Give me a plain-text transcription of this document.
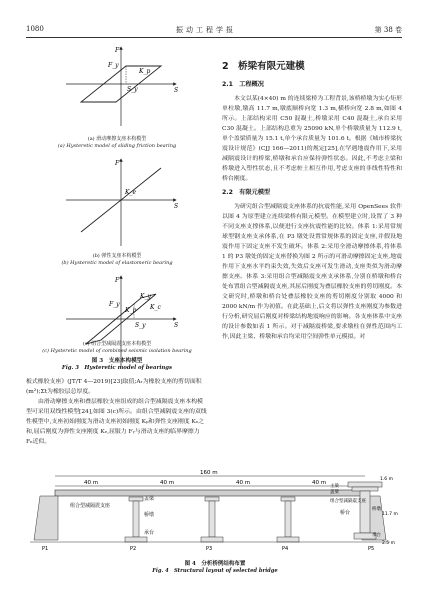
1080	振动工程学报	第 38 卷
F
F_y
K_p
S_y	S
F
K_e
S
F
F_y
K_y
K_c
K_p
S_y	S
(a) 滑动摩擦支座本构模型
(a) Hysteretic model of sliding friction bearing
(b) 弹性支座本构模型
(b) Hysteretic model of elastomeric bearing
(c) 组合型减隔震支座本构模型
(c) Hysteretic model of combined seismic isolation bearing
图 3　支座本构模型
Fig. 3　Hysteretic model of bearings

板式橡胶支座》(JT/T 4—2019)[23]取值;Aᵣ为橡胶支座的剪切面积(m²);Σt为橡胶层总厚度。

由滑动摩擦支座和叠层橡胶支座组成的组合型减隔震支座本构模型可采用双线性模型[24],如图 3(c)所示。由组合型减隔震支座的双线性模型中,支座初始刚度为滑动支座初始刚度 Kₚ和弹性支座刚度 Kₑ之和,屈后刚度为弹性支座刚度 Kₑ,屈服力 Fᵧ与滑动支座的临界摩擦力 Fₙ近似。

2　桥梁有限元建模
2.1　工程概况

本文以某(4×40) m 的连续梁桥为工程背景,该桥桥墩为实心矩形单柱墩,墩高 11.7 m,墩底顺桥向宽 1.3 m,横桥向宽 2.8 m,如图 4 所示。上部结构采用 C50 混凝土,桥墩采用 C40 混凝土,承台采用 C30 混凝土。上部结构总重为 25090 kN,单个桥墩质量为 112.9 t,单个盖梁质量为 15.1 t,单个承台质量为 101.6 t。根据《城市桥梁抗震设计规范》(CJJ 166—2011)的规定[25],在罕遇地震作用下,采用减隔震设计的桥梁,桥墩和承台应保持弹性状态。因此,不考虑主梁和桥墩进入塑性状态,且不考虑桩土相互作用,考虑支座的非线性特性和桥台刚度。

2.2　有限元模型

为研究组合型减隔震支座体系的抗震性能,采用 OpenSees 软件以图 4 为原型建立连续梁桥有限元模型。在模型建立时,设置了 3 种不同支座支撑体系,以便进行支座抗震性能的比较。体系 1:采用常规球型钢支座支承体系,在 P3 墩处设置常规体系的固定支座,并假设地震作用下固定支座不发生破坏。体系 2:采用全滑动摩擦体系,将体系 1 的 P3 墩处的固定支座替换为图 2 所示的可滑动摩擦固定支座,地震作用下支座水平约束失效,失效后支座可发生滑动,支座类似为滑动摩擦支座。体系 3:采用组合型减隔震支座支承体系,分别在桥墩和桥台处布置组合型减隔震支座,其屈后刚度为叠层橡胶支座的剪切刚度。本文研究时,桥墩和桥台处叠层橡胶支座的剪切刚度分别取 4000 和 2000 kN/m 作为初值。在此基础上,后文将以弹性支座刚度为参数进行分析,研究屈后刚度对桥梁结构地震响应的影响。各支座体系中支座的设计参数如表 1 所示。对于减隔震桥梁,要求墩柱在弹性范围内工作,因此主梁、桥墩和承台均采用空间弹性单元模拟。对

160 m
40 m	40 m	40 m	40 m
盖梁
组合型减隔震支座
桥墩
承台
桥台
P1	P2	P3	P4	P5
主梁
盖梁
组合型减隔震支座
桥墩
承台
1.6 m
11.7 m
2.5 m
图 4　分析桥例结构布置
Fig. 4　Structural layout of selected bridge
